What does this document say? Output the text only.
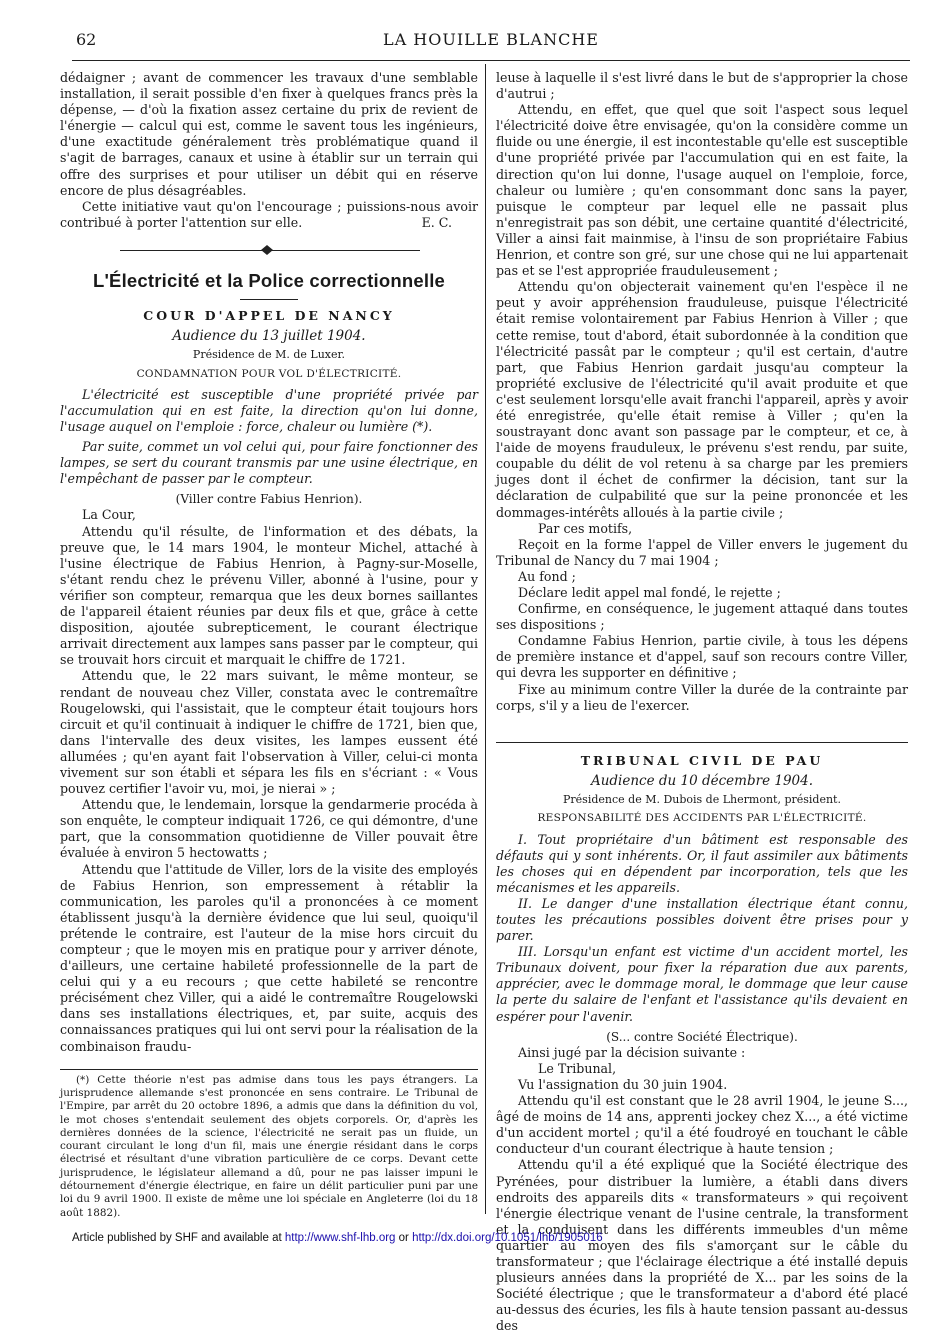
62	LA HOUILLE BLANCHE

dédaigner ; avant de commencer les travaux d'une semblable installation, il serait possible d'en fixer à quelques francs près la dépense, — d'où la fixation assez certaine du prix de revient de l'énergie — calcul qui est, comme le savent tous les ingénieurs, d'une exactitude généralement très problématique quand il s'agit de barrages, canaux et usine à établir sur un terrain qui offre des surprises et pour utiliser un débit qui en réserve encore de plus désagréables.

Cette initiative vaut qu'on l'encourage ; puissions-nous avoir contribué à porter l'attention sur elle.	E. C.

L'Électricité et la Police correctionnelle
COUR D'APPEL DE NANCY
Audience du 13 juillet 1904.
Présidence de M. de Luxer.
CONDAMNATION POUR VOL D'ÉLECTRICITÉ.

L'électricité est susceptible d'une propriété privée par l'accumulation qui en est faite, la direction qu'on lui donne, l'usage auquel on l'emploie : force, chaleur ou lumière (*).

Par suite, commet un vol celui qui, pour faire fonctionner des lampes, se sert du courant transmis par une usine électrique, en l'empêchant de passer par le compteur.

(Viller contre Fabius Henrion).

La Cour,

Attendu qu'il résulte, de l'information et des débats, la preuve que, le 14 mars 1904, le monteur Michel, attaché à l'usine électrique de Fabius Henrion, à Pagny-sur-Moselle, s'étant rendu chez le prévenu Viller, abonné à l'usine, pour y vérifier son compteur, remarqua que les deux bornes saillantes de l'appareil étaient réunies par deux fils et que, grâce à cette disposition, ajoutée subrepticement, le courant électrique arrivait directement aux lampes sans passer par le compteur, qui se trouvait hors circuit et marquait le chiffre de 1721.

Attendu que, le 22 mars suivant, le même monteur, se rendant de nouveau chez Viller, constata avec le contremaître Rougelowski, qui l'assistait, que le compteur était toujours hors circuit et qu'il continuait à indiquer le chiffre de 1721, bien que, dans l'intervalle des deux visites, les lampes eussent été allumées ; qu'en ayant fait l'observation à Viller, celui-ci monta vivement sur son établi et sépara les fils en s'écriant : « Vous pouvez certifier l'avoir vu, moi, je nierai » ;

Attendu que, le lendemain, lorsque la gendarmerie procéda à son enquête, le compteur indiquait 1726, ce qui démontre, d'une part, que la consommation quotidienne de Viller pouvait être évaluée à environ 5 hectowatts ;

Attendu que l'attitude de Viller, lors de la visite des employés de Fabius Henrion, son empressement à rétablir la communication, les paroles qu'il a prononcées à ce moment établissent jusqu'à la dernière évidence que lui seul, quoiqu'il prétende le contraire, est l'auteur de la mise hors circuit du compteur ; que le moyen mis en pratique pour y arriver dénote, d'ailleurs, une certaine habileté professionnelle de la part de celui qui y a eu recours ; que cette habileté se rencontre précisément chez Viller, qui a aidé le contremaître Rougelowski dans ses installations électriques, et, par suite, acquis des connaissances pratiques qui lui ont servi pour la réalisation de la combinaison fraudu-

(*) Cette théorie n'est pas admise dans tous les pays étrangers. La jurisprudence allemande s'est prononcée en sens contraire. Le Tribunal de l'Empire, par arrêt du 20 octobre 1896, a admis que dans la définition du vol, le mot choses s'entendait seulement des objets corporels. Or, d'après les dernières données de la science, l'électricité ne serait pas un fluide, un courant circulant le long d'un fil, mais une énergie résidant dans le corps électrisé et résultant d'une vibration particulière de ce corps. Devant cette jurisprudence, le législateur allemand a dû, pour ne pas laisser impuni le détournement d'énergie électrique, en faire un délit particulier puni par une loi du 9 avril 1900. Il existe de même une loi spéciale en Angleterre (loi du 18 août 1882).

leuse à laquelle il s'est livré dans le but de s'approprier la chose d'autrui ;

Attendu, en effet, que quel que soit l'aspect sous lequel l'électricité doive être envisagée, qu'on la considère comme un fluide ou une énergie, il est incontestable qu'elle est susceptible d'une propriété privée par l'accumulation qui en est faite, la direction qu'on lui donne, l'usage auquel on l'emploie, force, chaleur ou lumière ; qu'en consommant donc sans la payer, puisque le compteur par lequel elle ne passait plus n'enregistrait pas son débit, une certaine quantité d'électricité, Viller a ainsi fait mainmise, à l'insu de son propriétaire Fabius Henrion, et contre son gré, sur une chose qui ne lui appartenait pas et se l'est appropriée frauduleusement ;

Attendu qu'on objecterait vainement qu'en l'espèce il ne peut y avoir appréhension frauduleuse, puisque l'électricité était remise volontairement par Fabius Henrion à Viller ; que cette remise, tout d'abord, était subordonnée à la condition que l'électricité passât par le compteur ; qu'il est certain, d'autre part, que Fabius Henrion gardait jusqu'au compteur la propriété exclusive de l'électricité qu'il avait produite et que c'est seulement lorsqu'elle avait franchi l'appareil, après y avoir été enregistrée, qu'elle était remise à Viller ; qu'en la soustrayant donc avant son passage par le compteur, et ce, à l'aide de moyens frauduleux, le prévenu s'est rendu, par suite, coupable du délit de vol retenu à sa charge par les premiers juges dont il échet de confirmer la décision, tant sur la déclaration de culpabilité que sur la peine prononcée et les dommages-intérêts alloués à la partie civile ;

Par ces motifs,

Reçoit en la forme l'appel de Viller envers le jugement du Tribunal de Nancy du 7 mai 1904 ;

Au fond ;

Déclare ledit appel mal fondé, le rejette ;

Confirme, en conséquence, le jugement attaqué dans toutes ses dispositions ;

Condamne Fabius Henrion, partie civile, à tous les dépens de première instance et d'appel, sauf son recours contre Viller, qui devra les supporter en définitive ;

Fixe au minimum contre Viller la durée de la contrainte par corps, s'il y a lieu de l'exercer.

TRIBUNAL CIVIL DE PAU
Audience du 10 décembre 1904.
Présidence de M. Dubois de Lhermont, président.
RESPONSABILITÉ DES ACCIDENTS PAR L'ÉLECTRICITÉ.

I. Tout propriétaire d'un bâtiment est responsable des défauts qui y sont inhérents. Or, il faut assimiler aux bâtiments les choses qui en dépendent par incorporation, tels que les mécanismes et les appareils.

II. Le danger d'une installation électrique étant connu, toutes les précautions possibles doivent être prises pour y parer.

III. Lorsqu'un enfant est victime d'un accident mortel, les Tribunaux doivent, pour fixer la réparation due aux parents, apprécier, avec le dommage moral, le dommage que leur cause la perte du salaire de l'enfant et l'assistance qu'ils devaient en espérer pour l'avenir.

(S... contre Société Électrique).

Ainsi jugé par la décision suivante :

Le Tribunal,

Vu l'assignation du 30 juin 1904.

Attendu qu'il est constant que le 28 avril 1904, le jeune S..., âgé de moins de 14 ans, apprenti jockey chez X..., a été victime d'un accident mortel ; qu'il a été foudroyé en touchant le câble conducteur d'un courant électrique à haute tension ;

Attendu qu'il a été expliqué que la Société électrique des Pyrénées, pour distribuer la lumière, a établi dans divers endroits des appareils dits « transformateurs » qui reçoivent l'énergie électrique venant de l'usine centrale, la transforment et la conduisent dans les différents immeubles d'un même quartier au moyen des fils s'amorçant sur le câble du transformateur ; que l'éclairage électrique a été installé depuis plusieurs années dans la propriété de X... par les soins de la Société électrique ; que le transformateur a d'abord été placé au-dessus des écuries, les fils à haute tension passant au-dessus des

Article published by SHF and available at http://www.shf-lhb.org or http://dx.doi.org/10.1051/lhb/1905016
